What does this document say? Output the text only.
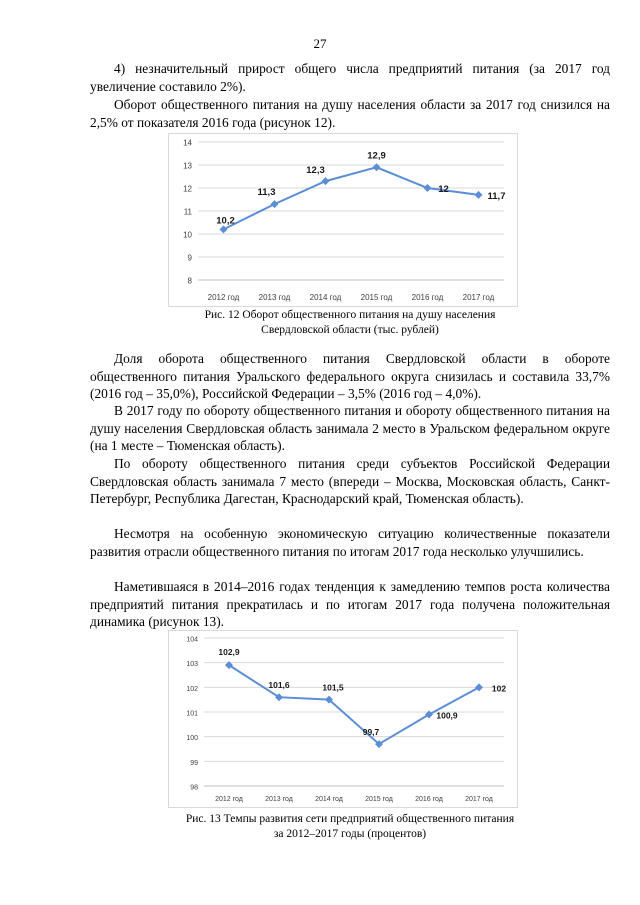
27

4) незначительный прирост общего числа предприятий питания (за 2017 год увеличение составило 2%).

Оборот общественного питания на душу населения области за 2017 год снизился на 2,5% от показателя 2016 года (рисунок 12).

8
9
10
11
12
13
14
2012 год 2013 год 2014 год 2015 год 2016 год 2017 год
10,2
11,3
12,3
12,9
12
11,7
Рис. 12 Оборот общественного питания на душу населения
Свердловской области (тыс. рублей)

Доля оборота общественного питания Свердловской области в обороте общественного питания Уральского федерального округа снизилась и составила 33,7% (2016 год – 35,0%), Российской Федерации – 3,5% (2016 год – 4,0%).

В 2017 году по обороту общественного питания и обороту общественного питания на душу населения Свердловская область занимала 2 место в Уральском федеральном округе (на 1 месте – Тюменская область).

По обороту общественного питания среди субъектов Российской Федерации Свердловская область занимала 7 место (впереди – Москва, Московская область, Санкт-Петербург, Республика Дагестан, Краснодарский край, Тюменская область).

Несмотря на особенную экономическую ситуацию количественные показатели развития отрасли общественного питания по итогам 2017 года несколько улучшились.

Наметившаяся в 2014–2016 годах тенденция к замедлению темпов роста количества предприятий питания прекратилась и по итогам 2017 года получена положительная динамика (рисунок 13).

98
99
100
101
102
103
104
2012 год	2013 год	2014 год	2015 год	2016 год	2017 год
102,9
101,6	101,5
99,7
100,9
102
Рис. 13 Темпы развития сети предприятий общественного питания
за 2012–2017 годы (процентов)
